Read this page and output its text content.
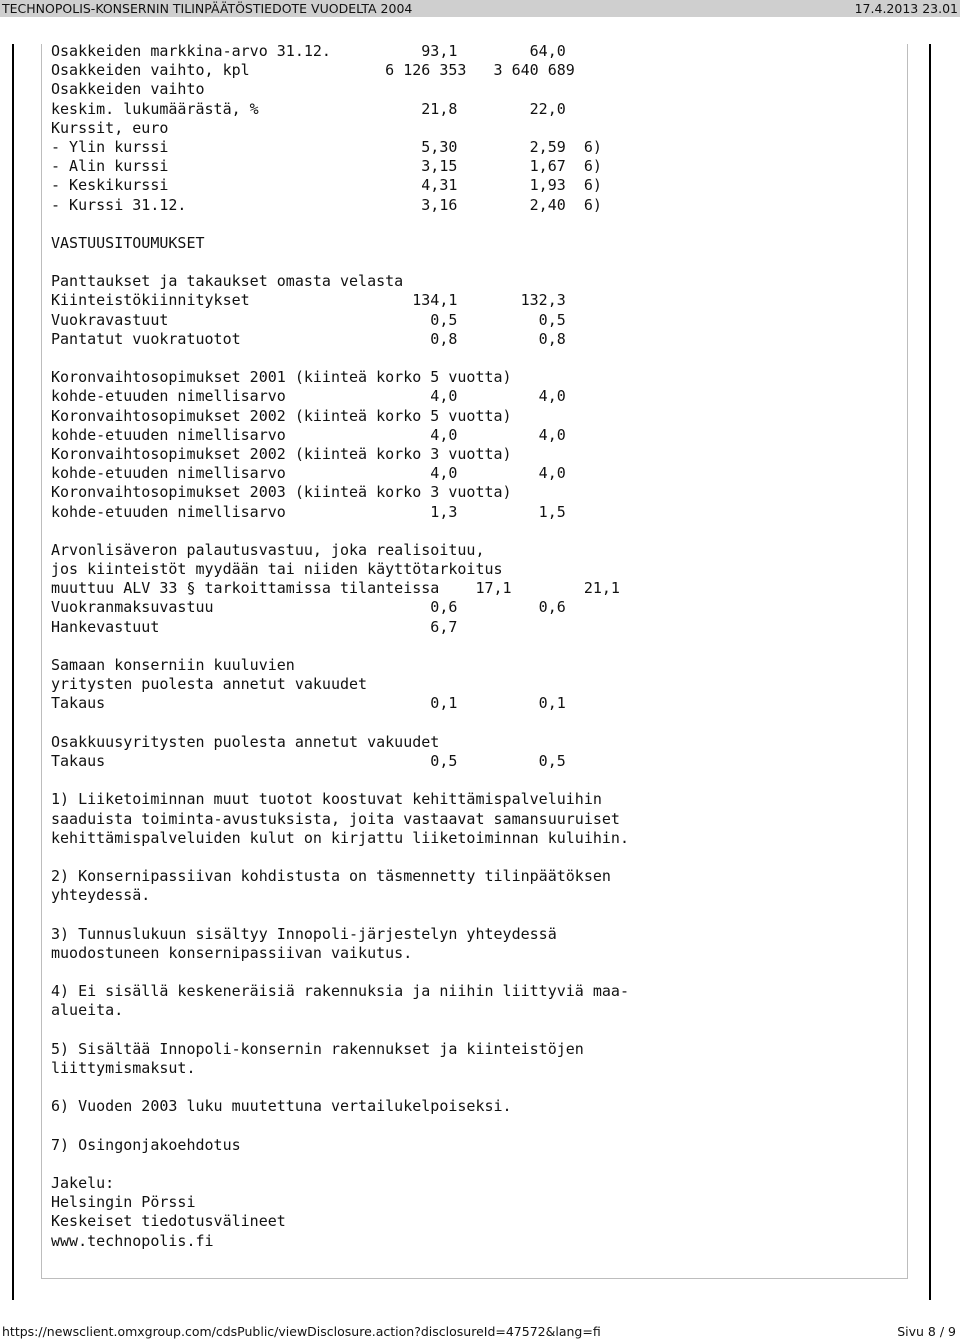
TECHNOPOLIS-KONSERNIN TILINPÄÄTÖSTIEDOTE VUODELTA 2004	17.4.2013 23.01
Osakkeiden markkina-arvo 31.12.          93,1        64,0
Osakkeiden vaihto, kpl               6 126 353   3 640 689
Osakkeiden vaihto
keskim. lukumäärästä, %                  21,8        22,0
Kurssit, euro
- Ylin kurssi                            5,30        2,59  6)
- Alin kurssi                            3,15        1,67  6)
- Keskikurssi                            4,31        1,93  6)
- Kurssi 31.12.                          3,16        2,40  6)
VASTUUSITOUMUKSET
Panttaukset ja takaukset omasta velasta
Kiinteistökiinnitykset                  134,1       132,3
Vuokravastuut                             0,5         0,5
Pantatut vuokratuotot                     0,8         0,8
Koronvaihtosopimukset 2001 (kiinteä korko 5 vuotta)
kohde-etuuden nimellisarvo                4,0         4,0
Koronvaihtosopimukset 2002 (kiinteä korko 5 vuotta)
kohde-etuuden nimellisarvo                4,0         4,0
Koronvaihtosopimukset 2002 (kiinteä korko 3 vuotta)
kohde-etuuden nimellisarvo                4,0         4,0
Koronvaihtosopimukset 2003 (kiinteä korko 3 vuotta)
kohde-etuuden nimellisarvo                1,3         1,5
Arvonlisäveron palautusvastuu, joka realisoituu,
jos kiinteistöt myydään tai niiden käyttötarkoitus
muuttuu ALV 33 § tarkoittamissa tilanteissa    17,1        21,1
Vuokranmaksuvastuu                        0,6         0,6
Hankevastuut                              6,7
Samaan konserniin kuuluvien
yritysten puolesta annetut vakuudet
Takaus                                    0,1         0,1
Osakkuusyritysten puolesta annetut vakuudet
Takaus                                    0,5         0,5
1) Liiketoiminnan muut tuotot koostuvat kehittämispalveluihin
saaduista toiminta-avustuksista, joita vastaavat samansuuruiset
kehittämispalveluiden kulut on kirjattu liiketoiminnan kuluihin.
2) Konsernipassiivan kohdistusta on täsmennetty tilinpäätöksen
yhteydessä.
3) Tunnuslukuun sisältyy Innopoli-järjestelyn yhteydessä
muodostuneen konsernipassiivan vaikutus.
4) Ei sisällä keskeneräisiä rakennuksia ja niihin liittyviä maa-
alueita.
5) Sisältää Innopoli-konsernin rakennukset ja kiinteistöjen
liittymismaksut.
6) Vuoden 2003 luku muutettuna vertailukelpoiseksi.
7) Osingonjakoehdotus
Jakelu:
Helsingin Pörssi
Keskeiset tiedotusvälineet
www.technopolis.fi
https://newsclient.omxgroup.com/cdsPublic/viewDisclosure.action?disclosureId=47572&lang=fi	Sivu 8 / 9
